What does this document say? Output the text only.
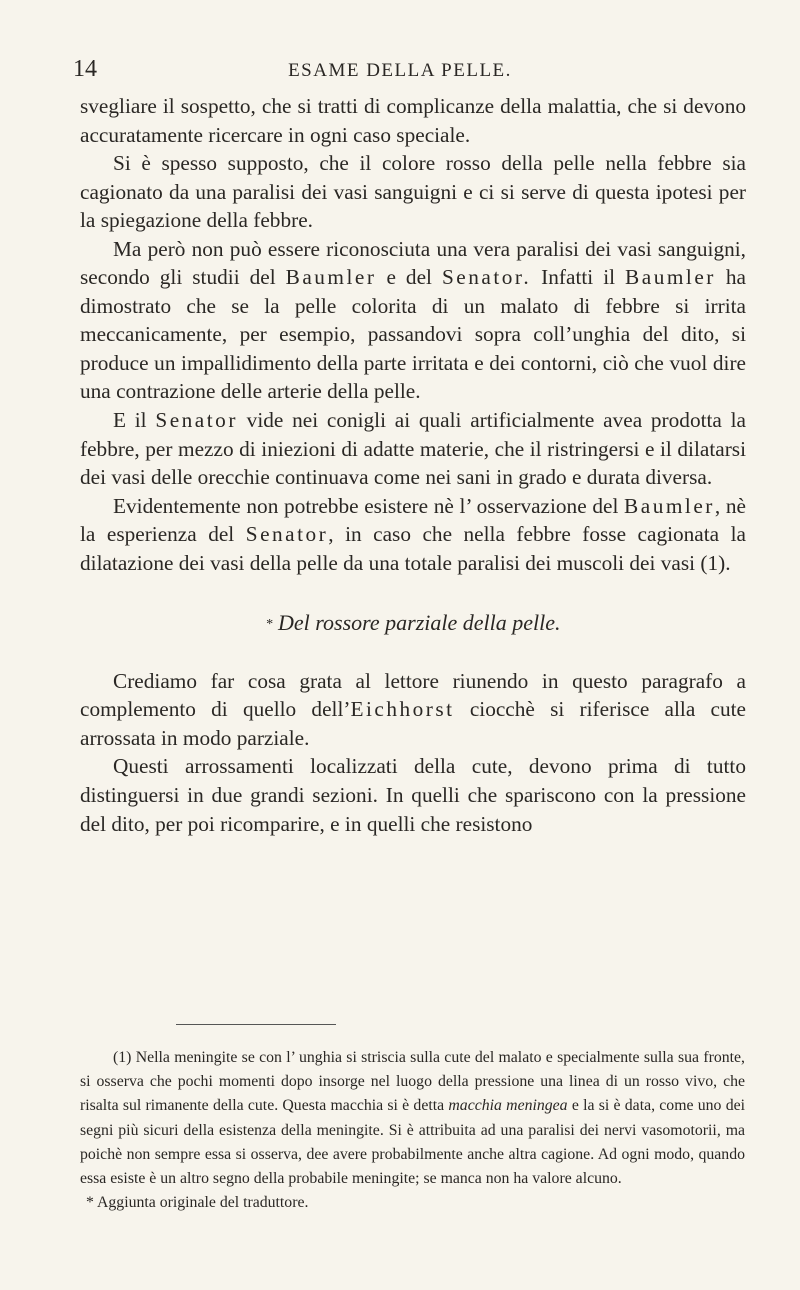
14	ESAME DELLA PELLE.

svegliare il sospetto, che si tratti di complicanze della malattia, che si devono accuratamente ricercare in ogni caso speciale.

Si è spesso supposto, che il colore rosso della pelle nella febbre sia cagionato da una paralisi dei vasi sanguigni e ci si serve di questa ipotesi per la spiegazione della febbre.

Ma però non può essere riconosciuta una vera paralisi dei vasi sanguigni, secondo gli studii del Baumler e del Senator. Infatti il Baumler ha dimostrato che se la pelle colorita di un malato di febbre si irrita meccanicamente, per esempio, passandovi sopra coll’unghia del dito, si produce un impallidimento della parte irritata e dei contorni, ciò che vuol dire una contrazione delle arterie della pelle.

E il Senator vide nei conigli ai quali artificialmente avea prodotta la febbre, per mezzo di iniezioni di adatte materie, che il ristringersi e il dilatarsi dei vasi delle orecchie continuava come nei sani in grado e durata diversa.

Evidentemente non potrebbe esistere nè l’ osservazione del Baumler, nè la esperienza del Senator, in caso che nella febbre fosse cagionata la dilatazione dei vasi della pelle da una totale paralisi dei muscoli dei vasi (1).

* Del rossore parziale della pelle.

Crediamo far cosa grata al lettore riunendo in questo paragrafo a complemento di quello dell’Eichhorst ciocchè si riferisce alla cute arrossata in modo parziale.

Questi arrossamenti localizzati della cute, devono prima di tutto distinguersi in due grandi sezioni. In quelli che spariscono con la pressione del dito, per poi ricomparire, e in quelli che resistono

(1) Nella meningite se con l’ unghia si striscia sulla cute del malato e specialmente sulla sua fronte, si osserva che pochi momenti dopo insorge nel luogo della pressione una linea di un rosso vivo, che risalta sul rimanente della cute. Questa macchia si è detta macchia meningea e la si è data, come uno dei segni più sicuri della esistenza della meningite. Si è attribuita ad una paralisi dei nervi vasomotorii, ma poichè non sempre essa si osserva, dee avere probabilmente anche altra cagione. Ad ogni modo, quando essa esiste è un altro segno della probabile meningite; se manca non ha valore alcuno.

* Aggiunta originale del traduttore.
